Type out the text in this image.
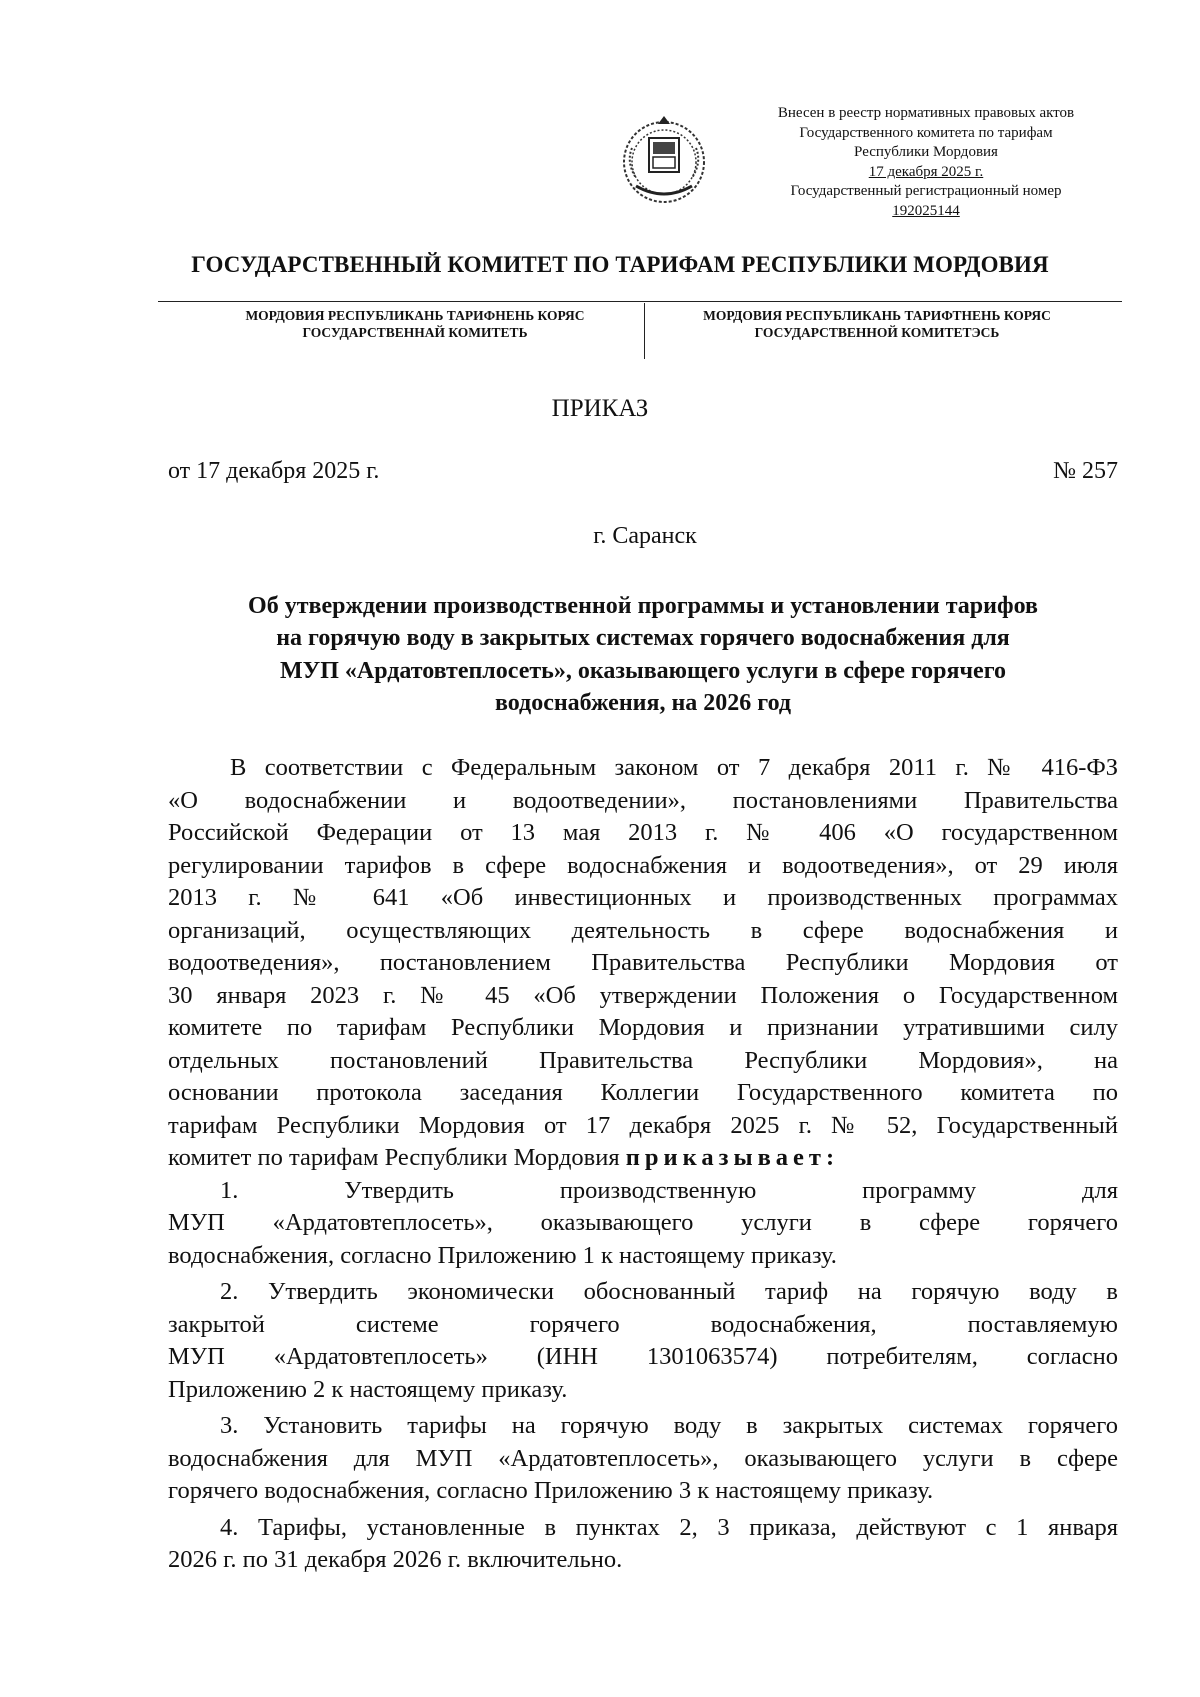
Внесен в реестр нормативных правовых актов
Государственного комитета по тарифам
Республики Мордовия
17 декабря 2025 г.
Государственный регистрационный номер
192025144
ГОСУДАРСТВЕННЫЙ КОМИТЕТ ПО ТАРИФАМ РЕСПУБЛИКИ МОРДОВИЯ
МОРДОВИЯ РЕСПУБЛИКАНЬ ТАРИФНЕНЬ КОРЯС
ГОСУДАРСТВЕННАЙ КОМИТЕТЬ
МОРДОВИЯ РЕСПУБЛИКАНЬ ТАРИФТНЕНЬ КОРЯС
ГОСУДАРСТВЕННОЙ КОМИТЕТЭСЬ
ПРИКАЗ
от 17 декабря 2025 г.	№ 257
г. Саранск
Об утверждении производственной программы и установлении тарифов
на горячую воду в закрытых системах горячего водоснабжения для
МУП «Ардатовтеплосеть», оказывающего услуги в сфере горячего
водоснабжения, на 2026 год
В соответствии с Федеральным законом от 7 декабря 2011 г. № 416-ФЗ
«О водоснабжении и водоотведении», постановлениями Правительства
Российской Федерации от 13 мая 2013 г. № 406 «О государственном
регулировании тарифов в сфере водоснабжения и водоотведения», от 29 июля
2013 г. № 641 «Об инвестиционных и производственных программах
организаций, осуществляющих деятельность в сфере водоснабжения и
водоотведения», постановлением Правительства Республики Мордовия от
30 января 2023 г. № 45 «Об утверждении Положения о Государственном
комитете по тарифам Республики Мордовия и признании утратившими силу
отдельных постановлений Правительства Республики Мордовия», на
основании протокола заседания Коллегии Государственного комитета по
тарифам Республики Мордовия от 17 декабря 2025 г. № 52, Государственный
комитет по тарифам Республики Мордовия приказывает:
1. Утвердить производственную программу для
МУП «Ардатовтеплосеть», оказывающего услуги в сфере горячего
водоснабжения, согласно Приложению 1 к настоящему приказу.
2. Утвердить экономически обоснованный тариф на горячую воду в
закрытой системе горячего водоснабжения, поставляемую
МУП «Ардатовтеплосеть» (ИНН 1301063574) потребителям, согласно
Приложению 2 к настоящему приказу.
3. Установить тарифы на горячую воду в закрытых системах горячего
водоснабжения для МУП «Ардатовтеплосеть», оказывающего услуги в сфере
горячего водоснабжения, согласно Приложению 3 к настоящему приказу.
4. Тарифы, установленные в пунктах 2, 3 приказа, действуют с 1 января
2026 г. по 31 декабря 2026 г. включительно.
